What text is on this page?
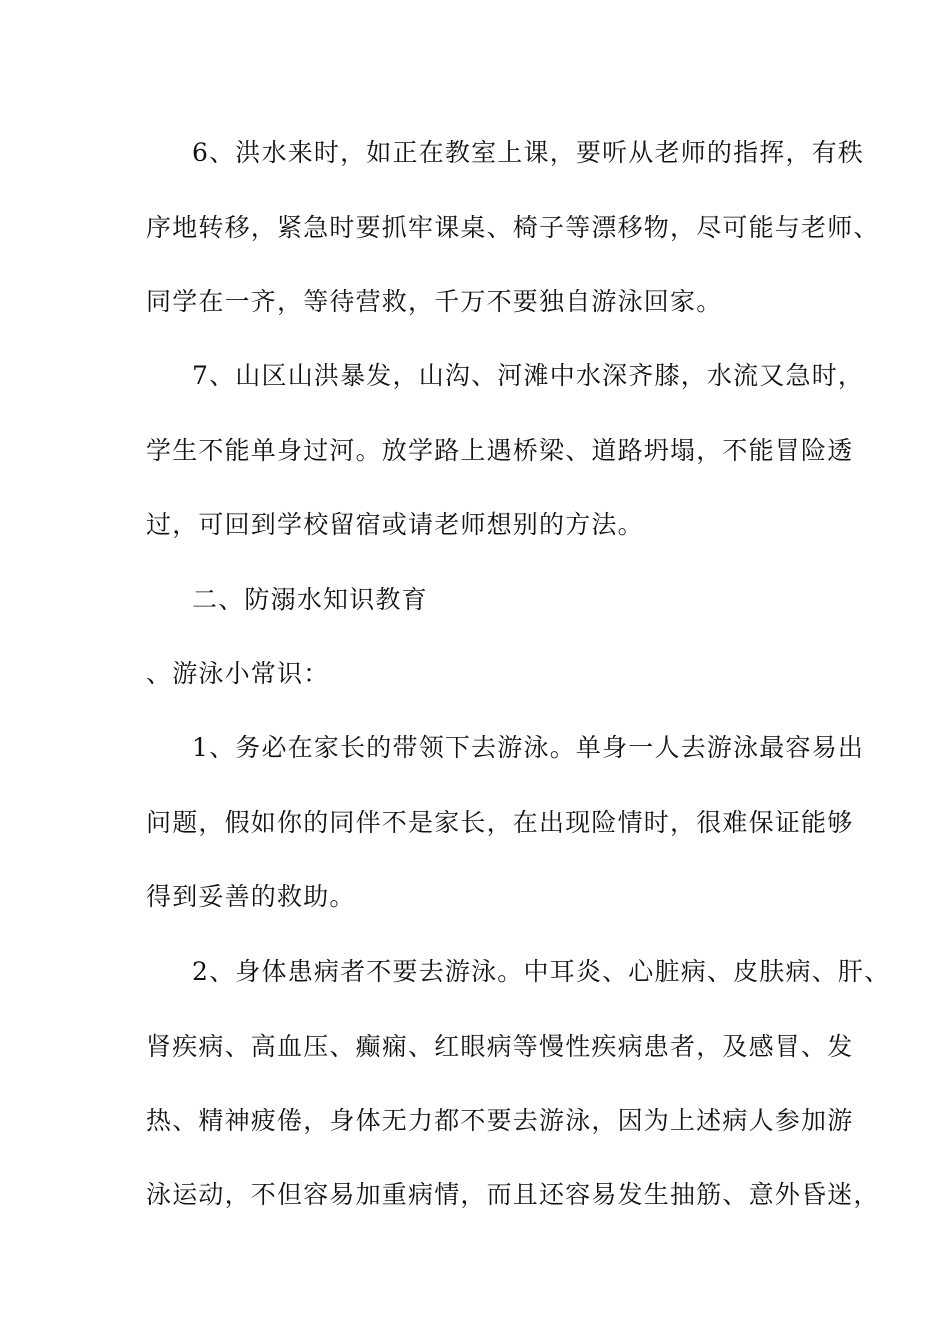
6、洪水来时，如正在教室上课，要听从老师的指挥，有秩

序地转移，紧急时要抓牢课桌、椅子等漂移物，尽可能与老师、

同学在一齐，等待营救，千万不要独自游泳回家。

7、山区山洪暴发，山沟、河滩中水深齐膝，水流又急时，

学生不能单身过河。放学路上遇桥梁、道路坍塌，不能冒险透

过，可回到学校留宿或请老师想别的方法。

二、防溺水知识教育

、游泳小常识：

1、务必在家长的带领下去游泳。单身一人去游泳最容易出

问题，假如你的同伴不是家长，在出现险情时，很难保证能够

得到妥善的救助。

2、身体患病者不要去游泳。中耳炎、心脏病、皮肤病、肝、

肾疾病、高血压、癫痫、红眼病等慢性疾病患者，及感冒、发

热、精神疲倦，身体无力都不要去游泳，因为上述病人参加游

泳运动，不但容易加重病情，而且还容易发生抽筋、意外昏迷，
